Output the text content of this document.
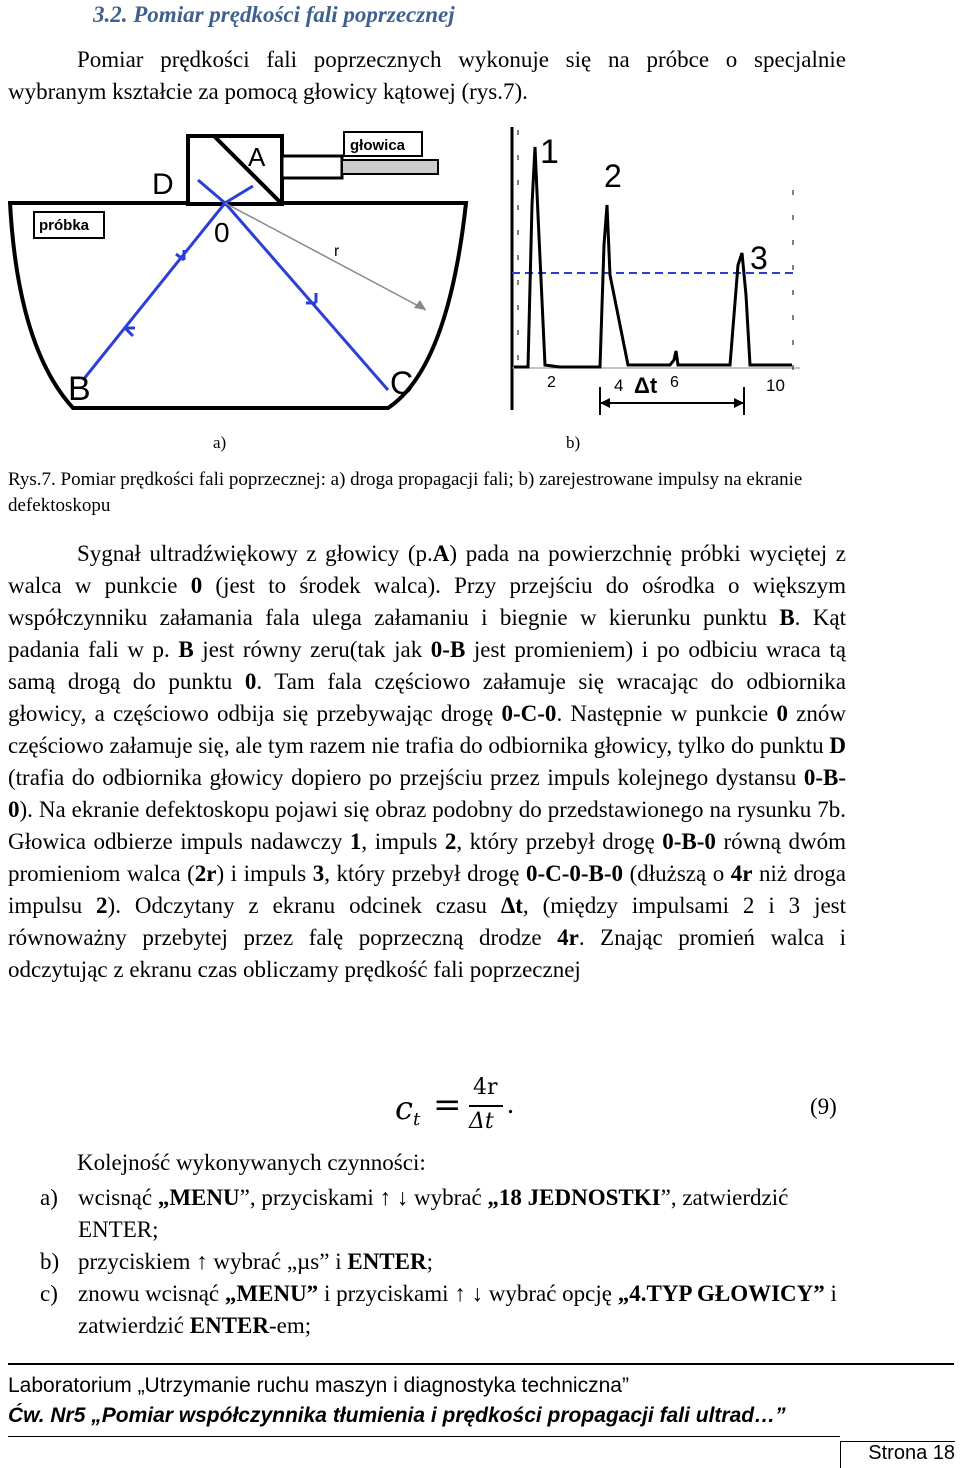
3.2. Pomiar prędkości fali poprzecznej
Pomiar prędkości fali poprzecznych wykonuje się na próbce o specjalnie wybranym kształcie za pomocą głowicy kątowej (rys.7).
D
A
0
r
B	C
głowica
próbka
1
2
3
2	4	6	10
Δt
a)	b)
Rys.7. Pomiar prędkości fali poprzecznej: a) droga propagacji fali; b) zarejestrowane impulsy na ekranie defektoskopu
Sygnał ultradźwiękowy z głowicy (p.A) pada na powierzchnię próbki wyciętej z walca w punkcie 0 (jest to środek walca). Przy przejściu do ośrodka o większym współczynniku załamania fala ulega załamaniu i biegnie w kierunku punktu B. Kąt padania fali w p. B jest równy zeru(tak jak 0-B jest promieniem) i po odbiciu wraca tą samą drogą do punktu 0. Tam fala częściowo załamuje się wracając do odbiornika głowicy, a częściowo odbija się przebywając drogę 0-C-0. Następnie w punkcie 0 znów częściowo załamuje się, ale tym razem nie trafia do odbiornika głowicy, tylko do punktu D (trafia do odbiornika głowicy dopiero po przejściu przez impuls kolejnego dystansu 0-B-0). Na ekranie defektoskopu pojawi się obraz podobny do przedstawionego na rysunku 7b. Głowica odbierze impuls nadawczy 1, impuls 2, który przebył drogę 0-B-0 równą dwóm promieniom walca (2r) i impuls 3, który przebył drogę 0-C-0-B-0 (dłuższą o 4r niż droga impulsu 2). Odczytany z ekranu odcinek czasu Δt, (między impulsami 2 i 3 jest równoważny przebytej przez falę poprzeczną drodze 4r. Znając promień walca i odczytując z ekranu czas obliczamy prędkość fali poprzecznej
c t = 4r
Δt
.	(9)
Kolejność wykonywanych czynności:
a) wcisnąć „MENU”, przyciskami ↑ ↓ wybrać „18 JEDNOSTKI”, zatwierdzić ENTER;
b) przyciskiem ↑ wybrać „µs” i ENTER;
c) znowu wcisnąć „MENU” i przyciskami ↑ ↓ wybrać opcję „4.TYP GŁOWICY” i zatwierdzić ENTER-em;
Laboratorium „Utrzymanie ruchu maszyn i diagnostyka techniczna”
Ćw. Nr5 „Pomiar współczynnika tłumienia i prędkości propagacji fali ultrad…”
Strona 18
